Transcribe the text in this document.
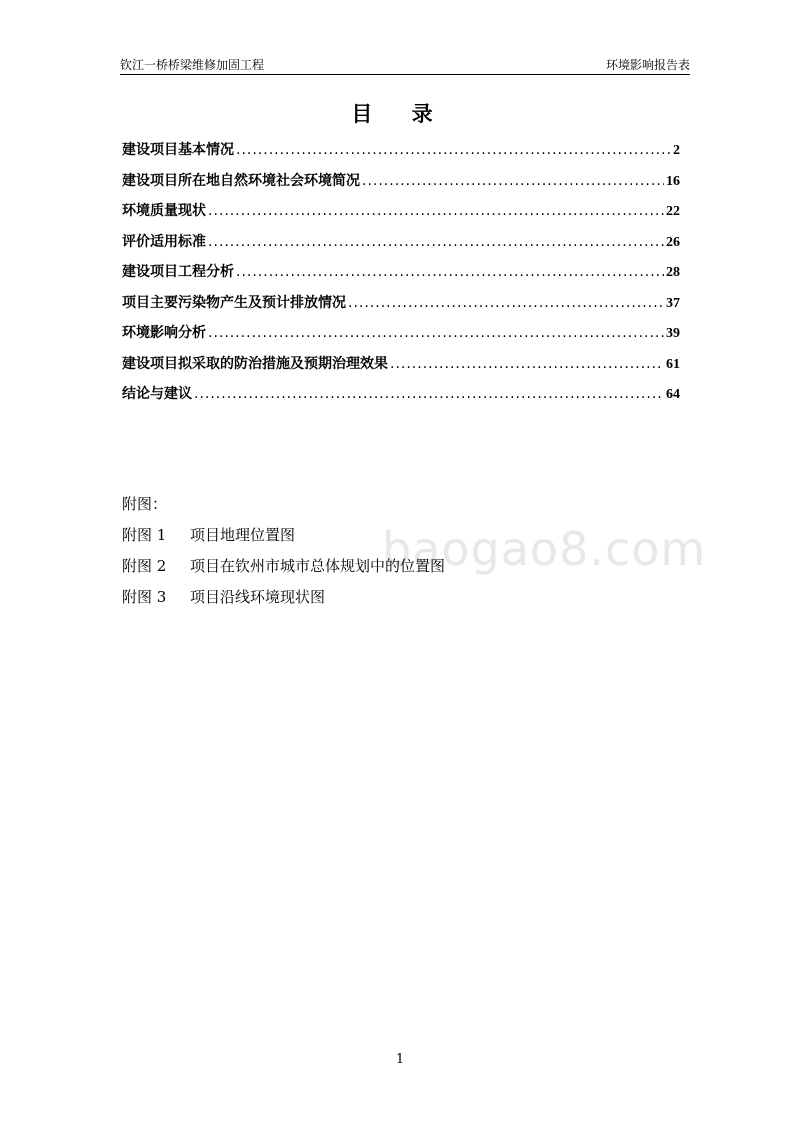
钦江一桥桥梁维修加固工程	环境影响报告表
目 录
建设项目基本情况 .....	2
建设项目所在地自然环境社会环境简况 .....	16
环境质量现状 .....	22
评价适用标准 .....	26
建设项目工程分析 .....	28
项目主要污染物产生及预计排放情况 .....	37
环境影响分析 .....	39
建设项目拟采取的防治措施及预期治理效果 .....	61
结论与建议 .....	64
baogao8.com
附图：
附图 1 项目地理位置图
附图 2 项目在钦州市城市总体规划中的位置图
附图 3 项目沿线环境现状图
1
